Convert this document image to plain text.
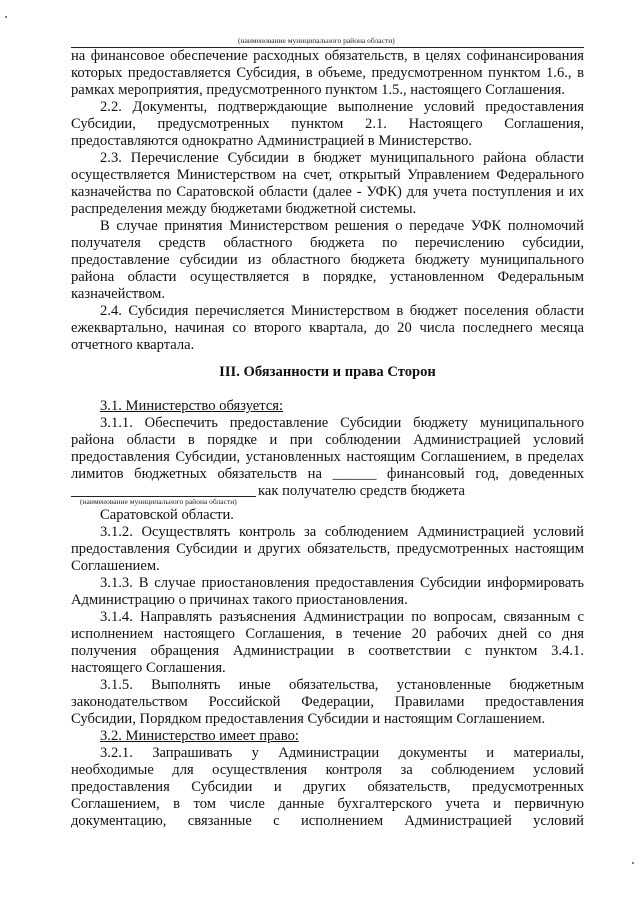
(наименование муниципального района области)
на финансовое обеспечение расходных обязательств, в целях софинансирования
которых предоставляется Субсидия, в объеме, предусмотренном пунктом 1.6., в
рамках мероприятия, предусмотренного пунктом 1.5., настоящего Соглашения.
2.2. Документы, подтверждающие выполнение условий предоставления
Субсидии, предусмотренных пунктом 2.1. Настоящего Соглашения,
предоставляются однократно Администрацией в Министерство.
2.3. Перечисление Субсидии в бюджет муниципального района области
осуществляется Министерством на счет, открытый Управлением Федерального
казначейства по Саратовской области (далее - УФК) для учета поступления и их
распределения между бюджетами бюджетной системы.
В случае принятия Министерством решения о передаче УФК полномочий
получателя средств областного бюджета по перечислению субсидии,
предоставление субсидии из областного бюджета бюджету муниципального
района области осуществляется в порядке, установленном Федеральным
казначейством.
2.4. Субсидия перечисляется Министерством в бюджет поселения области
ежеквартально, начиная со второго квартала, до 20 числа последнего месяца
отчетного квартала.
III. Обязанности и права Сторон
3.1. Министерство обязуется:
3.1.1. Обеспечить предоставление Субсидии бюджету муниципального
района области в порядке и при соблюдении Администрацией условий
предоставления Субсидии, установленных настоящим Соглашением, в пределах
лимитов бюджетных обязательств на ______ финансовый год, доведенных
как получателю средств бюджета
(наименование муниципального района области)
Саратовской области.
3.1.2. Осуществлять контроль за соблюдением Администрацией условий
предоставления Субсидии и других обязательств, предусмотренных настоящим
Соглашением.
3.1.3. В случае приостановления предоставления Субсидии информировать
Администрацию о причинах такого приостановления.
3.1.4. Направлять разъяснения Администрации по вопросам, связанным с
исполнением настоящего Соглашения, в течение 20 рабочих дней со дня
получения обращения Администрации в соответствии с пунктом 3.4.1.
настоящего Соглашения.
3.1.5. Выполнять иные обязательства, установленные бюджетным
законодательством Российской Федерации, Правилами предоставления
Субсидии, Порядком предоставления Субсидии и настоящим Соглашением.
3.2. Министерство имеет право:
3.2.1. Запрашивать у Администрации документы и материалы,
необходимые для осуществления контроля за соблюдением условий
предоставления Субсидии и других обязательств, предусмотренных
Соглашением, в том числе данные бухгалтерского учета и первичную
документацию, связанные с исполнением Администрацией условий
